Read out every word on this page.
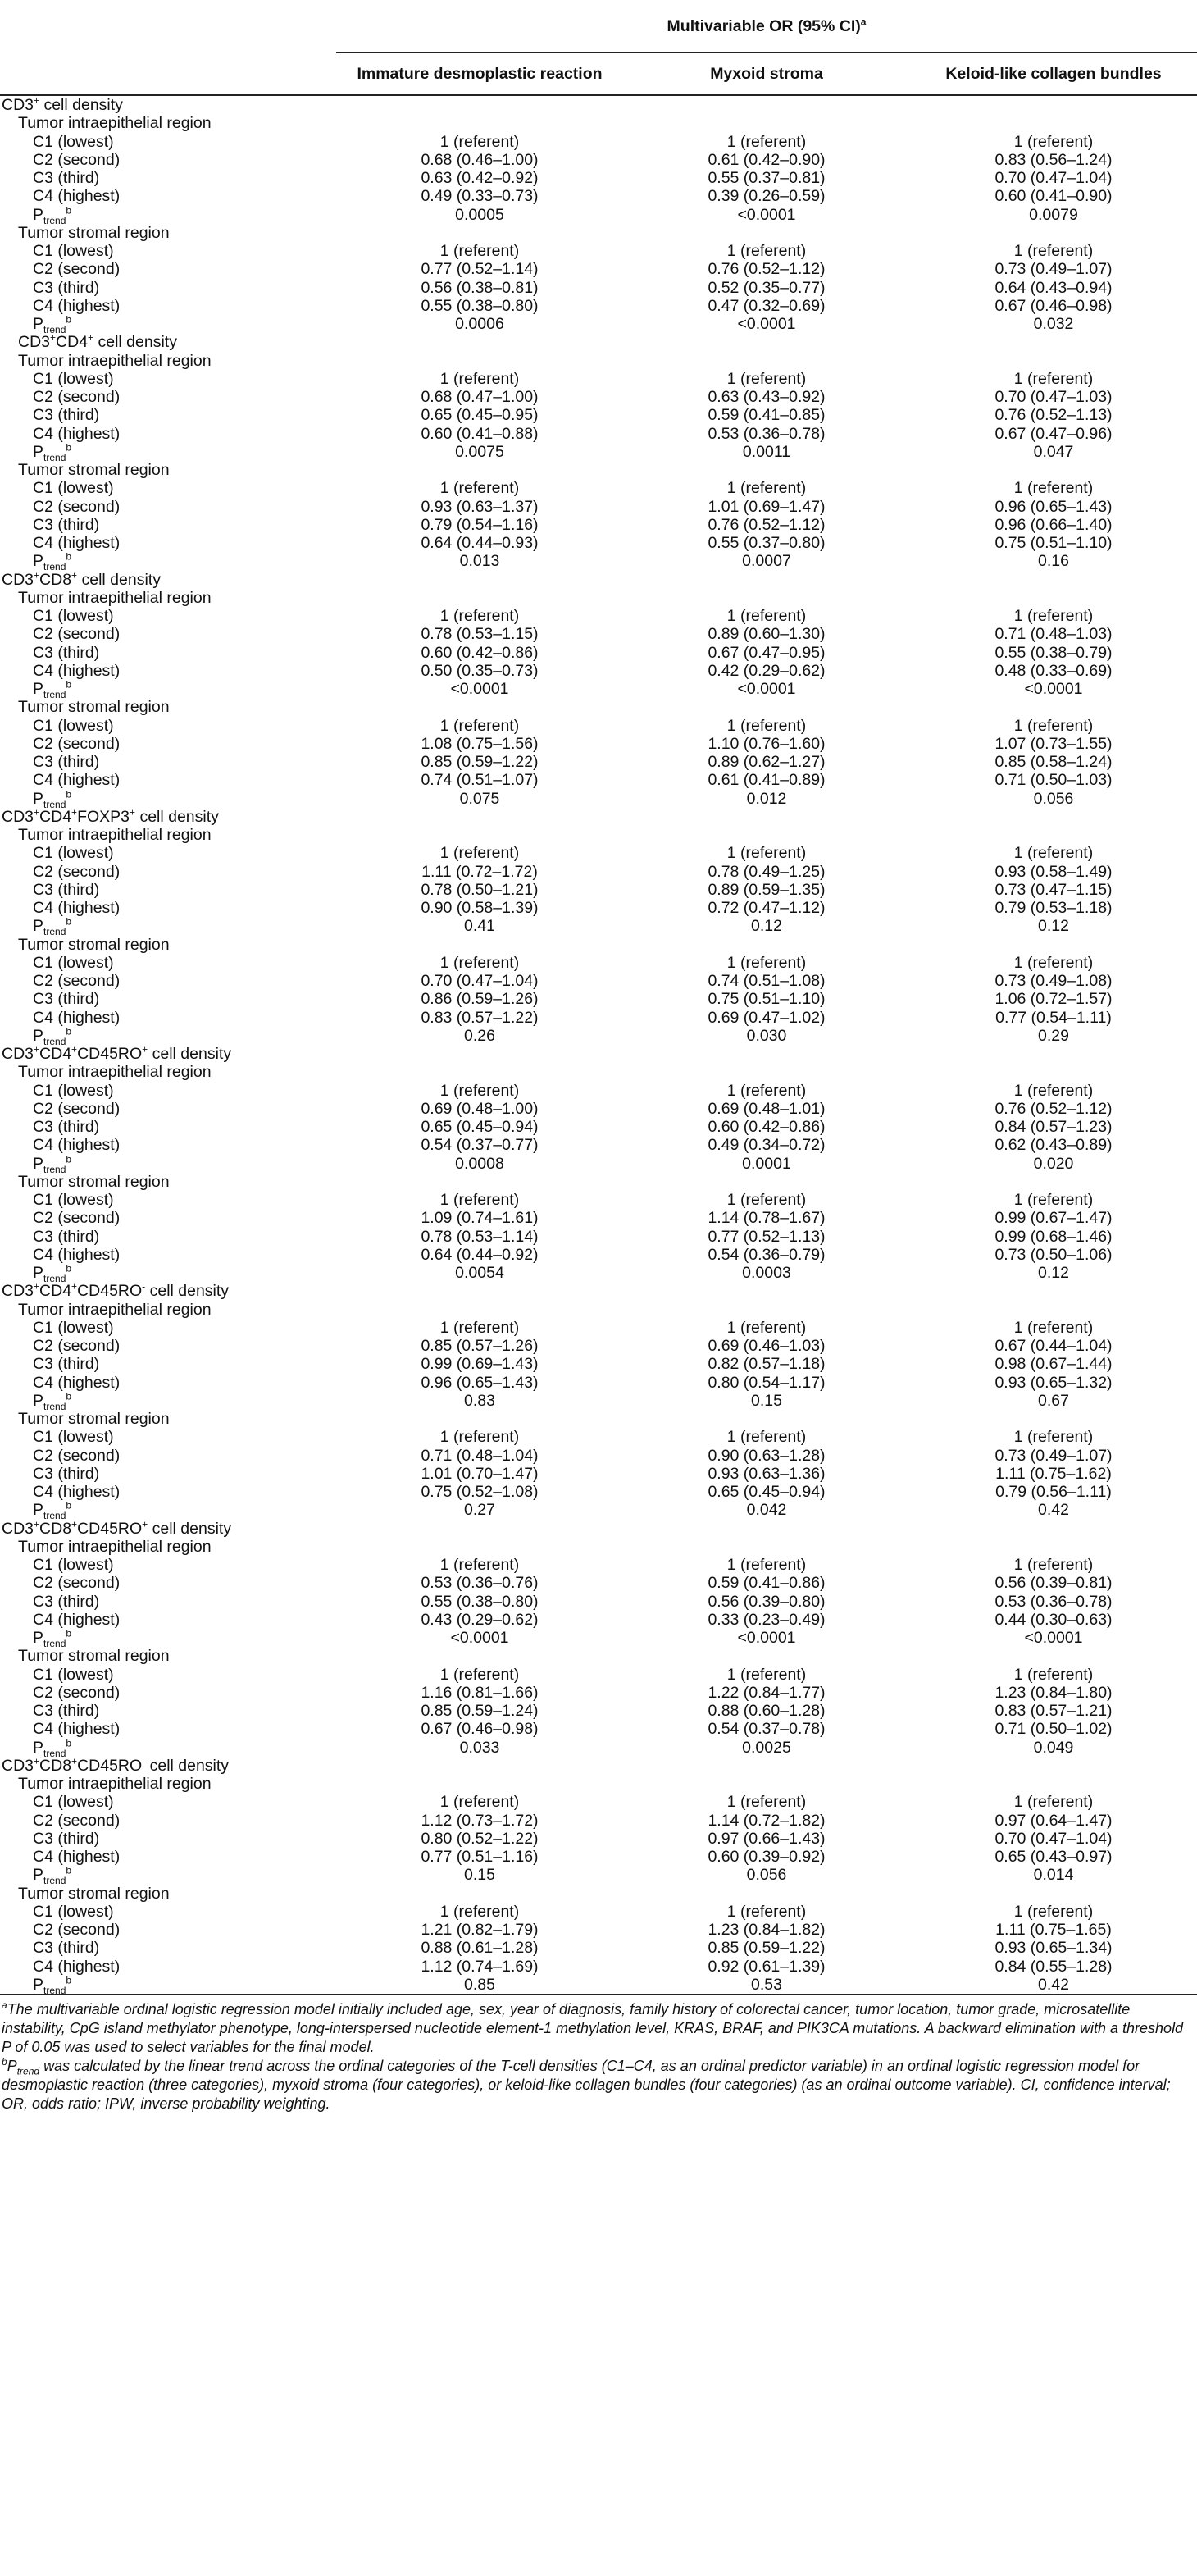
	Multivariable OR (95% CI)$^a$
	Immature desmoplastic reaction	Myxoid stroma	Keloid-like collagen bundles
CD3+ cell density			
Tumor intraepithelial region			
C1 (lowest)	1 (referent)	1 (referent)	1 (referent)
C2 (second)	0.68 (0.46–1.00)	0.61 (0.42–0.90)	0.83 (0.56–1.24)
C3 (third)	0.63 (0.42–0.92)	0.55 (0.37–0.81)	0.70 (0.47–1.04)
C4 (highest)	0.49 (0.33–0.73)	0.39 (0.26–0.59)	0.60 (0.41–0.90)
$P_{trend}^b$	0.0005	<0.0001	0.0079
Tumor stromal region			
C1 (lowest)	1 (referent)	1 (referent)	1 (referent)
C2 (second)	0.77 (0.52–1.14)	0.76 (0.52–1.12)	0.73 (0.49–1.07)
C3 (third)	0.56 (0.38–0.81)	0.52 (0.35–0.77)	0.64 (0.43–0.94)
C4 (highest)	0.55 (0.38–0.80)	0.47 (0.32–0.69)	0.67 (0.46–0.98)
$P_{trend}^b$	0.0006	<0.0001	0.032
CD3+CD4+ cell density			
Tumor intraepithelial region			
C1 (lowest)	1 (referent)	1 (referent)	1 (referent)
C2 (second)	0.68 (0.47–1.00)	0.63 (0.43–0.92)	0.70 (0.47–1.03)
C3 (third)	0.65 (0.45–0.95)	0.59 (0.41–0.85)	0.76 (0.52–1.13)
C4 (highest)	0.60 (0.41–0.88)	0.53 (0.36–0.78)	0.67 (0.47–0.96)
$P_{trend}^b$	0.0075	0.0011	0.047
Tumor stromal region			
C1 (lowest)	1 (referent)	1 (referent)	1 (referent)
C2 (second)	0.93 (0.63–1.37)	1.01 (0.69–1.47)	0.96 (0.65–1.43)
C3 (third)	0.79 (0.54–1.16)	0.76 (0.52–1.12)	0.96 (0.66–1.40)
C4 (highest)	0.64 (0.44–0.93)	0.55 (0.37–0.80)	0.75 (0.51–1.10)
$P_{trend}^b$	0.013	0.0007	0.16
CD3+CD8+ cell density			
Tumor intraepithelial region			
C1 (lowest)	1 (referent)	1 (referent)	1 (referent)
C2 (second)	0.78 (0.53–1.15)	0.89 (0.60–1.30)	0.71 (0.48–1.03)
C3 (third)	0.60 (0.42–0.86)	0.67 (0.47–0.95)	0.55 (0.38–0.79)
C4 (highest)	0.50 (0.35–0.73)	0.42 (0.29–0.62)	0.48 (0.33–0.69)
$P_{trend}^b$	<0.0001	<0.0001	<0.0001
Tumor stromal region			
C1 (lowest)	1 (referent)	1 (referent)	1 (referent)
C2 (second)	1.08 (0.75–1.56)	1.10 (0.76–1.60)	1.07 (0.73–1.55)
C3 (third)	0.85 (0.59–1.22)	0.89 (0.62–1.27)	0.85 (0.58–1.24)
C4 (highest)	0.74 (0.51–1.07)	0.61 (0.41–0.89)	0.71 (0.50–1.03)
$P_{trend}^b$	0.075	0.012	0.056
CD3+CD4+FOXP3+ cell density			
Tumor intraepithelial region			
C1 (lowest)	1 (referent)	1 (referent)	1 (referent)
C2 (second)	1.11 (0.72–1.72)	0.78 (0.49–1.25)	0.93 (0.58–1.49)
C3 (third)	0.78 (0.50–1.21)	0.89 (0.59–1.35)	0.73 (0.47–1.15)
C4 (highest)	0.90 (0.58–1.39)	0.72 (0.47–1.12)	0.79 (0.53–1.18)
$P_{trend}^b$	0.41	0.12	0.12
Tumor stromal region			
C1 (lowest)	1 (referent)	1 (referent)	1 (referent)
C2 (second)	0.70 (0.47–1.04)	0.74 (0.51–1.08)	0.73 (0.49–1.08)
C3 (third)	0.86 (0.59–1.26)	0.75 (0.51–1.10)	1.06 (0.72–1.57)
C4 (highest)	0.83 (0.57–1.22)	0.69 (0.47–1.02)	0.77 (0.54–1.11)
$P_{trend}^b$	0.26	0.030	0.29
CD3+CD4+CD45RO+ cell density			
Tumor intraepithelial region			
C1 (lowest)	1 (referent)	1 (referent)	1 (referent)
C2 (second)	0.69 (0.48–1.00)	0.69 (0.48–1.01)	0.76 (0.52–1.12)
C3 (third)	0.65 (0.45–0.94)	0.60 (0.42–0.86)	0.84 (0.57–1.23)
C4 (highest)	0.54 (0.37–0.77)	0.49 (0.34–0.72)	0.62 (0.43–0.89)
$P_{trend}^b$	0.0008	0.0001	0.020
Tumor stromal region			
C1 (lowest)	1 (referent)	1 (referent)	1 (referent)
C2 (second)	1.09 (0.74–1.61)	1.14 (0.78–1.67)	0.99 (0.67–1.47)
C3 (third)	0.78 (0.53–1.14)	0.77 (0.52–1.13)	0.99 (0.68–1.46)
C4 (highest)	0.64 (0.44–0.92)	0.54 (0.36–0.79)	0.73 (0.50–1.06)
$P_{trend}^b$	0.0054	0.0003	0.12
CD3+CD4+CD45RO- cell density			
Tumor intraepithelial region			
C1 (lowest)	1 (referent)	1 (referent)	1 (referent)
C2 (second)	0.85 (0.57–1.26)	0.69 (0.46–1.03)	0.67 (0.44–1.04)
C3 (third)	0.99 (0.69–1.43)	0.82 (0.57–1.18)	0.98 (0.67–1.44)
C4 (highest)	0.96 (0.65–1.43)	0.80 (0.54–1.17)	0.93 (0.65–1.32)
$P_{trend}^b$	0.83	0.15	0.67
Tumor stromal region			
C1 (lowest)	1 (referent)	1 (referent)	1 (referent)
C2 (second)	0.71 (0.48–1.04)	0.90 (0.63–1.28)	0.73 (0.49–1.07)
C3 (third)	1.01 (0.70–1.47)	0.93 (0.63–1.36)	1.11 (0.75–1.62)
C4 (highest)	0.75 (0.52–1.08)	0.65 (0.45–0.94)	0.79 (0.56–1.11)
$P_{trend}^b$	0.27	0.042	0.42
CD3+CD8+CD45RO+ cell density			
Tumor intraepithelial region			
C1 (lowest)	1 (referent)	1 (referent)	1 (referent)
C2 (second)	0.53 (0.36–0.76)	0.59 (0.41–0.86)	0.56 (0.39–0.81)
C3 (third)	0.55 (0.38–0.80)	0.56 (0.39–0.80)	0.53 (0.36–0.78)
C4 (highest)	0.43 (0.29–0.62)	0.33 (0.23–0.49)	0.44 (0.30–0.63)
$P_{trend}^b$	<0.0001	<0.0001	<0.0001
Tumor stromal region			
C1 (lowest)	1 (referent)	1 (referent)	1 (referent)
C2 (second)	1.16 (0.81–1.66)	1.22 (0.84–1.77)	1.23 (0.84–1.80)
C3 (third)	0.85 (0.59–1.24)	0.88 (0.60–1.28)	0.83 (0.57–1.21)
C4 (highest)	0.67 (0.46–0.98)	0.54 (0.37–0.78)	0.71 (0.50–1.02)
$P_{trend}^b$	0.033	0.0025	0.049
CD3+CD8+CD45RO- cell density			
Tumor intraepithelial region			
C1 (lowest)	1 (referent)	1 (referent)	1 (referent)
C2 (second)	1.12 (0.73–1.72)	1.14 (0.72–1.82)	0.97 (0.64–1.47)
C3 (third)	0.80 (0.52–1.22)	0.97 (0.66–1.43)	0.70 (0.47–1.04)
C4 (highest)	0.77 (0.51–1.16)	0.60 (0.39–0.92)	0.65 (0.43–0.97)
$P_{trend}^b$	0.15	0.056	0.014
Tumor stromal region			
C1 (lowest)	1 (referent)	1 (referent)	1 (referent)
C2 (second)	1.21 (0.82–1.79)	1.23 (0.84–1.82)	1.11 (0.75–1.65)
C3 (third)	0.88 (0.61–1.28)	0.85 (0.59–1.22)	0.93 (0.65–1.34)
C4 (highest)	1.12 (0.74–1.69)	0.92 (0.61–1.39)	0.84 (0.55–1.28)
$P_{trend}^b$	0.85	0.53	0.42

$^a$The multivariable ordinal logistic regression model initially included age, sex, year of diagnosis, family history of colorectal cancer, tumor location, tumor grade, microsatellite instability, CpG island methylator phenotype, long-interspersed nucleotide element-1 methylation level, KRAS, BRAF, and PIK3CA mutations. A backward elimination with a threshold P of 0.05 was used to select variables for the final model.

$^bP_{trend}$ was calculated by the linear trend across the ordinal categories of the T-cell densities (C1–C4, as an ordinal predictor variable) in an ordinal logistic regression model for desmoplastic reaction (three categories), myxoid stroma (four categories), or keloid-like collagen bundles (four categories) (as an ordinal outcome variable). CI, confidence interval; OR, odds ratio; IPW, inverse probability weighting.
